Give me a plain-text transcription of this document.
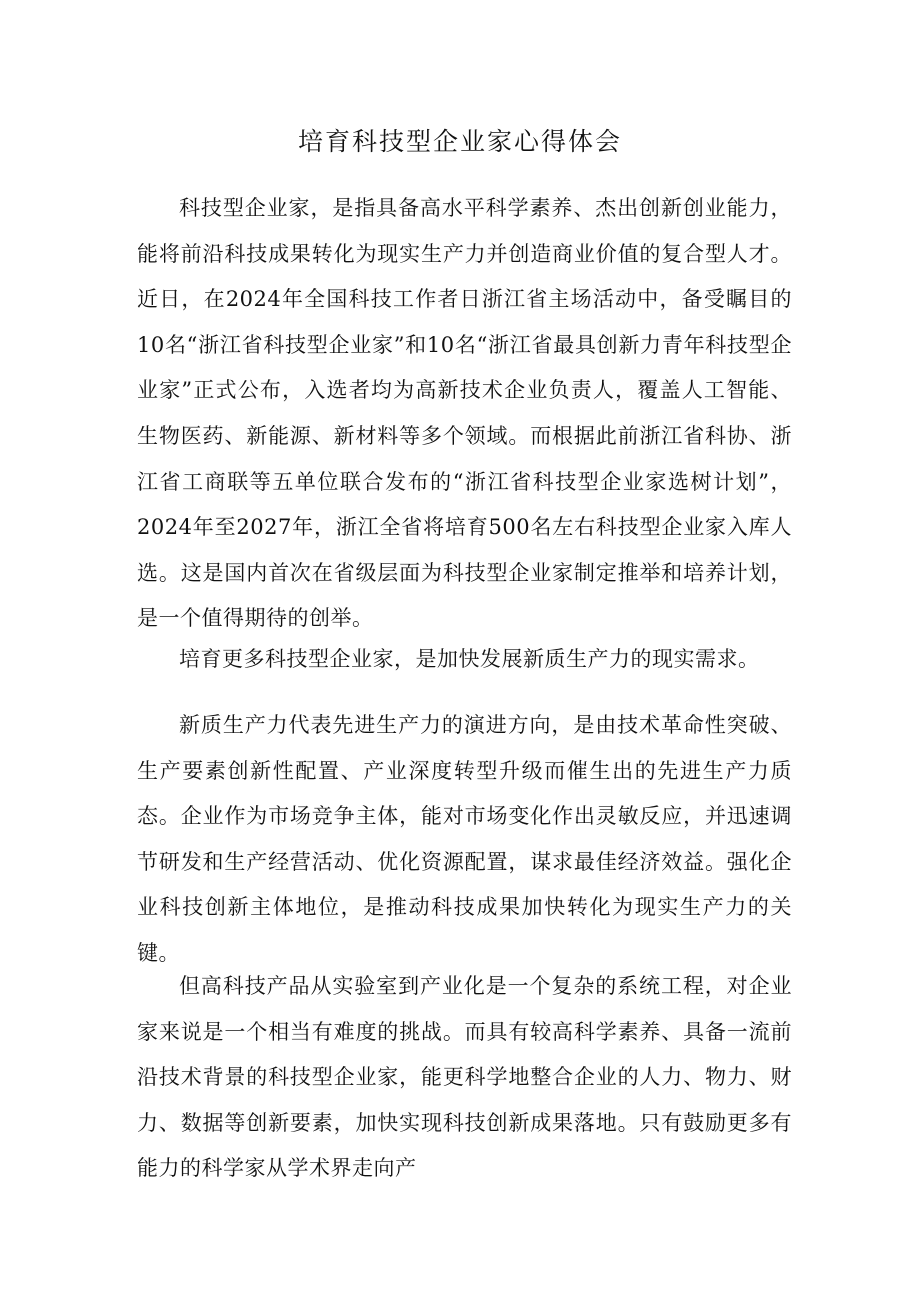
培育科技型企业家心得体会

科技型企业家，是指具备高水平科学素养、杰出创新创业能力，能将前沿科技成果转化为现实生产力并创造商业价值的复合型人才。近日，在2024年全国科技工作者日浙江省主场活动中，备受瞩目的10名“浙江省科技型企业家”和10名“浙江省最具创新力青年科技型企业家”正式公布，入选者均为高新技术企业负责人，覆盖人工智能、生物医药、新能源、新材料等多个领域。而根据此前浙江省科协、浙江省工商联等五单位联合发布的“浙江省科技型企业家选树计划”，2024年至2027年，浙江全省将培育500名左右科技型企业家入库人选。这是国内首次在省级层面为科技型企业家制定推举和培养计划，是一个值得期待的创举。

培育更多科技型企业家，是加快发展新质生产力的现实需求。

新质生产力代表先进生产力的演进方向，是由技术革命性突破、生产要素创新性配置、产业深度转型升级而催生出的先进生产力质态。企业作为市场竞争主体，能对市场变化作出灵敏反应，并迅速调节研发和生产经营活动、优化资源配置，谋求最佳经济效益。强化企业科技创新主体地位，是推动科技成果加快转化为现实生产力的关键。

但高科技产品从实验室到产业化是一个复杂的系统工程，对企业家来说是一个相当有难度的挑战。而具有较高科学素养、具备一流前沿技术背景的科技型企业家，能更科学地整合企业的人力、物力、财力、数据等创新要素，加快实现科技创新成果落地。只有鼓励更多有能力的科学家从学术界走向产
